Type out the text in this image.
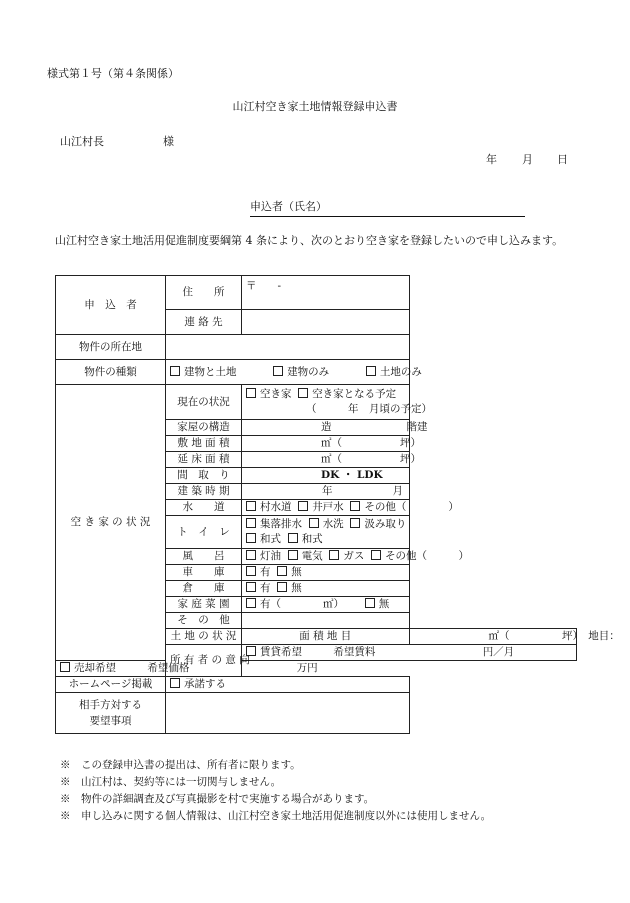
様式第１号（第４条関係）
山江村空き家土地情報登録申込書
山江村長	様
年 月 日
申込者（氏名）
山江村空き家土地活用促進制度要綱第 4 条により、次のとおり空き家を登録したいので申し込みます。
申　込　者	住　　所	〒　　-	
	連 絡 先		
物件の所在地			
物件の種類	建物と土地 建物のみ 土地のみ		
空 き 家 の 状 況	現在の状況	空き家 空き家となる予定
（　　　年　月頃の予定）	
	家屋の構造	造 階建	
	敷 地 面 積	㎡（ 坪）	
	延 床 面 積	㎡（ 坪）	
	間　取　り	DK ・ LDK	
	建 築 時 期	年 月	
	水　　道	村水道 井戸水 その他（　　　　）	
	ト　イ　レ	集落排水 水洗 汲み取り
和式 和式	
	風　　呂	灯油 電気 ガス その他（　　　）	
	車　　庫	有 無	
	倉　　庫	有 無	
	家 庭 菜 園	有（　　　　㎡） 無	
	そ　の　他		
	土 地 の 状 況	面 積 地 目	㎡（　　　　　坪）　地目：
	所 有 者 の 意 向	賃貸希望 希望賃料 円／月	
売却希望 希望価格 万円			
ホームページ掲載	承諾する		
相手方対する
要望事項			
※　この登録申込書の提出は、所有者に限ります。
※　山江村は、契約等には一切関与しません。
※　物件の詳細調査及び写真撮影を村で実施する場合があります。
※　申し込みに関する個人情報は、山江村空き家土地活用促進制度以外には使用しません。
